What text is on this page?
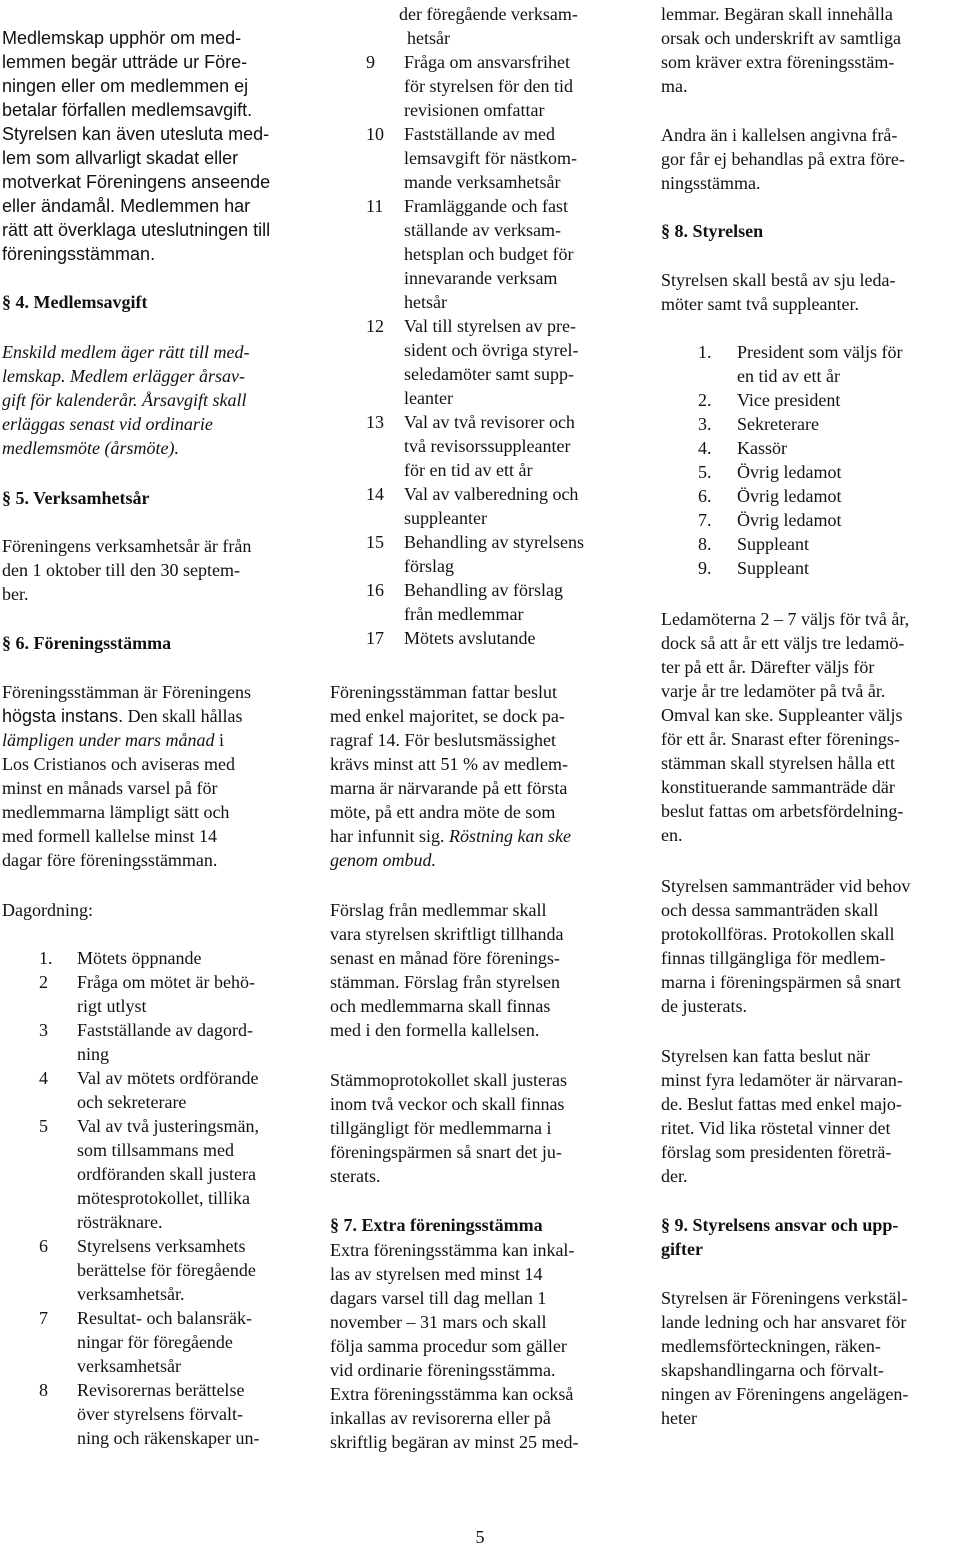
Medlemskap upphör om med-

lemmen begär utträde ur Före-

ningen eller om medlemmen ej

betalar förfallen medlemsavgift.

Styrelsen kan även utesluta med-

lem som allvarligt skadat eller

motverkat Föreningens anseende

eller ändamål. Medlemmen har

rätt att överklaga uteslutningen till

föreningsstämman.

§ 4. Medlemsavgift

Enskild medlem äger rätt till med-

lemskap. Medlem erlägger årsav-

gift för kalenderår. Årsavgift skall

erläggas senast vid ordinarie

medlemsmöte (årsmöte).

§ 5. Verksamhetsår

Föreningens verksamhetsår är från

den 1 oktober till den 30 septem-

ber.

§ 6. Föreningsstämma

Föreningsstämman är Föreningens

högsta instans. Den skall hållas

lämpligen under mars månad i

Los Cristianos och aviseras med

minst en månads varsel på för

medlemmarna lämpligt sätt och

med formell kallelse minst 14

dagar före föreningsstämman.

Dagordning:

1.	Mötets öppnande
2	Fråga om mötet är behö-
rigt utlyst
3	Fastställande av dagord-
ning
4	Val av mötets ordförande
och sekreterare
5	Val av två justeringsmän,
som tillsammans med
ordföranden skall justera
mötesprotokollet, tillika
rösträknare.
6	Styrelsens verksamhets
berättelse för föregående
verksamhetsår.
7	Resultat- och balansräk-
ningar för föregående
verksamhetsår
8	Revisorernas berättelse
över styrelsens förvalt-
ning och räkenskaper un-

der föregående verksam-

hetsår

9	Fråga om ansvarsfrihet
för styrelsen för den tid
revisionen omfattar
10	Fastställande av med
lemsavgift för nästkom-
mande verksamhetsår
11	Framläggande och fast
ställande av verksam-
hetsplan och budget för
innevarande verksam
hetsår
12	Val till styrelsen av pre-
sident och övriga styrel-
seledamöter samt supp-
leanter
13	Val av två revisorer och
två revisorssuppleanter
för en tid av ett år
14	Val av valberedning och
suppleanter
15	Behandling av styrelsens
förslag
16	Behandling av förslag
från medlemmar
17	Mötets avslutande

Föreningsstämman fattar beslut

med enkel majoritet, se dock pa-

ragraf 14. För beslutsmässighet

krävs minst att 51 % av medlem-

marna är närvarande på ett första

möte, på ett andra möte de som

har infunnit sig. Röstning kan ske

genom ombud.

Förslag från medlemmar skall

vara styrelsen skriftligt tillhanda

senast en månad före förenings-

stämman. Förslag från styrelsen

och medlemmarna skall finnas

med i den formella kallelsen.

Stämmoprotokollet skall justeras

inom två veckor och skall finnas

tillgängligt för medlemmarna i

föreningspärmen så snart det ju-

sterats.

§ 7. Extra föreningsstämma

Extra föreningsstämma kan inkal-

las av styrelsen med minst 14

dagars varsel till dag mellan 1

november – 31 mars och skall

följa samma procedur som gäller

vid ordinarie föreningsstämma.

Extra föreningsstämma kan också

inkallas av revisorerna eller på

skriftlig begäran av minst 25 med-

lemmar. Begäran skall innehålla

orsak och underskrift av samtliga

som kräver extra föreningsstäm-

ma.

Andra än i kallelsen angivna frå-

gor får ej behandlas på extra före-

ningsstämma.

§ 8. Styrelsen

Styrelsen skall bestå av sju leda-

möter samt två suppleanter.

1.	President som väljs för
en tid av ett år
2.	Vice president
3.	Sekreterare
4.	Kassör
5.	Övrig ledamot
6.	Övrig ledamot
7.	Övrig ledamot
8.	Suppleant
9.	Suppleant

Ledamöterna 2 – 7 väljs för två år,

dock så att år ett väljs tre ledamö-

ter på ett år. Därefter väljs för

varje år tre ledamöter på två år.

Omval kan ske. Suppleanter väljs

för ett år. Snarast efter förenings-

stämman skall styrelsen hålla ett

konstituerande sammanträde där

beslut fattas om arbetsfördelning-

en.

Styrelsen sammanträder vid behov

och dessa sammanträden skall

protokollföras. Protokollen skall

finnas tillgängliga för medlem-

marna i föreningspärmen så snart

de justerats.

Styrelsen kan fatta beslut när

minst fyra ledamöter är närvaran-

de. Beslut fattas med enkel majo-

ritet. Vid lika röstetal vinner det

förslag som presidenten företrä-

der.

§ 9. Styrelsens ansvar och upp-

gifter

Styrelsen är Föreningens verkstäl-

lande ledning och har ansvaret för

medlemsförteckningen, räken-

skapshandlingarna och förvalt-

ningen av Föreningens angelägen-

heter

5
